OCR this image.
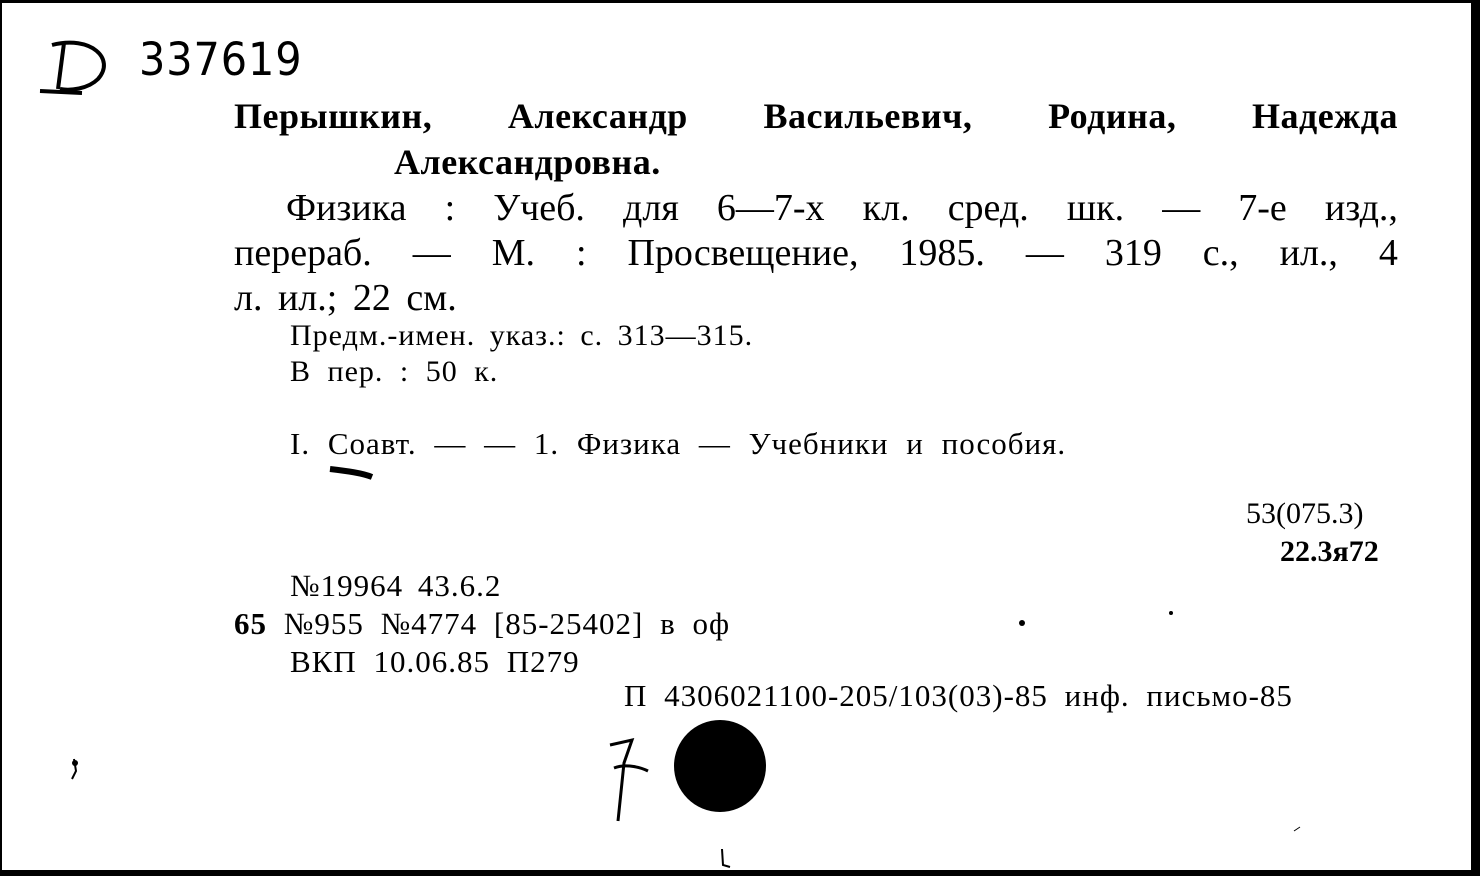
337619
Перышкин, Александр Васильевич, Родина, Надежда
Александровна.
Физика : Учеб. для 6—7-х кл. сред. шк. — 7-е изд.,
перераб. — М. : Просвещение, 1985. — 319 с., ил., 4
л. ил.; 22 см.
Предм.-имен. указ.: с. 313—315.
В пер. : 50 к.
I. Соавт. — — 1. Физика — Учебники и пособия.
53(075.3)
22.3я72
№19964 43.6.2
65 №955 №4774 [85-25402] в оф
ВКП 10.06.85 П279
П 4306021100-205/103(03)-85 инф. письмо-85
